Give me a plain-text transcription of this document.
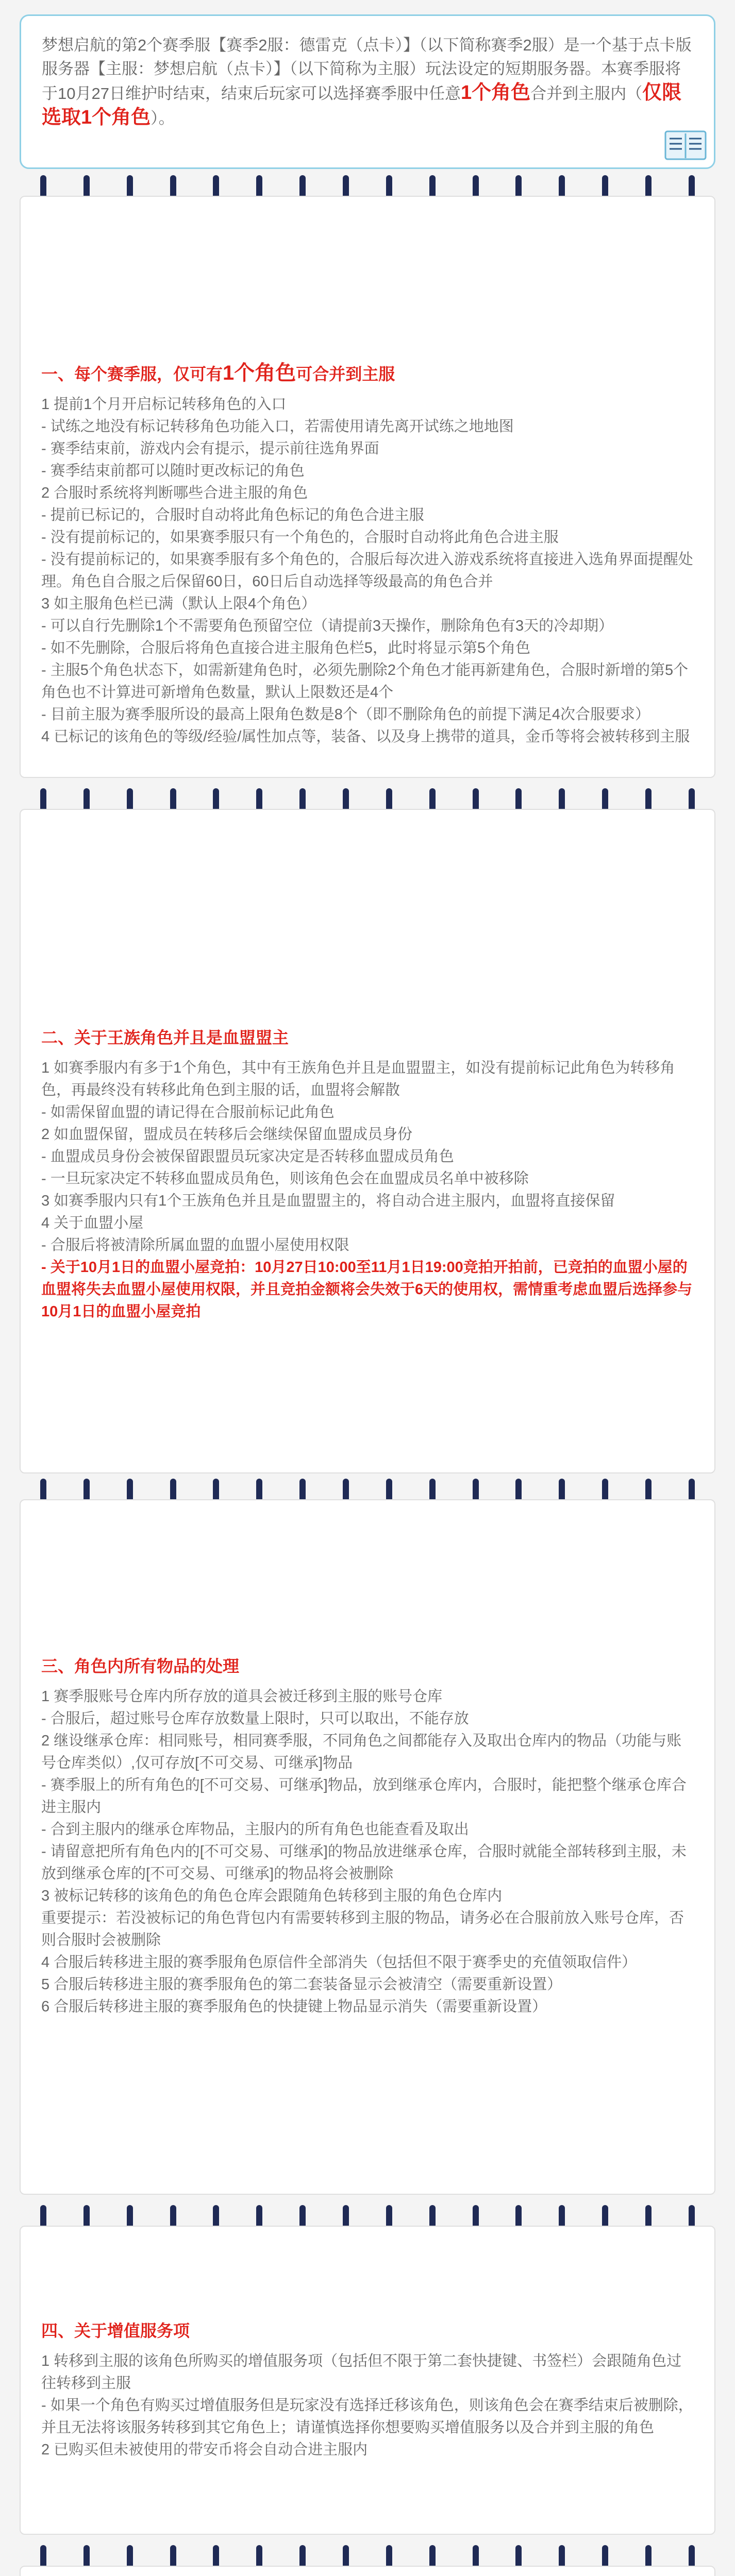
梦想启航的第2个赛季服【赛季2服：德雷克（点卡）】（以下简称赛季2服）是一个基于点卡版服务器【主服：梦想启航（点卡）】（以下简称为主服）玩法设定的短期服务器。本赛季服将于10月27日维护时结束，结束后玩家可以选择赛季服中任意1个角色合并到主服内（仅限选取1个角色）。

一、每个赛季服，仅可有1个角色可合并到主服

1 提前1个月开启标记转移角色的入口

- 试练之地没有标记转移角色功能入口，若需使用请先离开试练之地地图

- 赛季结束前，游戏内会有提示，提示前往选角界面

- 赛季结束前都可以随时更改标记的角色

2 合服时系统将判断哪些合进主服的角色

- 提前已标记的，合服时自动将此角色标记的角色合进主服

- 没有提前标记的，如果赛季服只有一个角色的，合服时自动将此角色合进主服

- 没有提前标记的，如果赛季服有多个角色的，合服后每次进入游戏系统将直接进入选角界面提醒处理。角色自合服之后保留60日，60日后自动选择等级最高的角色合并

3 如主服角色栏已满（默认上限4个角色）

- 可以自行先删除1个不需要角色预留空位（请提前3天操作，删除角色有3天的冷却期）

- 如不先删除，合服后将角色直接合进主服角色栏5，此时将显示第5个角色

- 主服5个角色状态下，如需新建角色时，必须先删除2个角色才能再新建角色，合服时新增的第5个角色也不计算进可新增角色数量，默认上限数还是4个

- 目前主服为赛季服所设的最高上限角色数是8个（即不删除角色的前提下满足4次合服要求）

4 已标记的该角色的等级/经验/属性加点等，装备、以及身上携带的道具，金币等将会被转移到主服

二、关于王族角色并且是血盟盟主

1 如赛季服内有多于1个角色，其中有王族角色并且是血盟盟主，如没有提前标记此角色为转移角色，再最终没有转移此角色到主服的话，血盟将会解散

- 如需保留血盟的请记得在合服前标记此角色

2 如血盟保留，盟成员在转移后会继续保留血盟成员身份

- 血盟成员身份会被保留跟盟员玩家决定是否转移血盟成员角色

- 一旦玩家决定不转移血盟成员角色，则该角色会在血盟成员名单中被移除

3 如赛季服内只有1个王族角色并且是血盟盟主的，将自动合进主服内，血盟将直接保留

4 关于血盟小屋

- 合服后将被清除所属血盟的血盟小屋使用权限

- 关于10月1日的血盟小屋竞拍：10月27日10:00至11月1日19:00竞拍开拍前，已竞拍的血盟小屋的血盟将失去血盟小屋使用权限，并且竞拍金额将会失效于6天的使用权，需情重考虑血盟后选择参与10月1日的血盟小屋竞拍

三、角色内所有物品的处理

1 赛季服账号仓库内所存放的道具会被迁移到主服的账号仓库

- 合服后，超过账号仓库存放数量上限时，只可以取出，不能存放

2 继设继承仓库：相同账号，相同赛季服，不同角色之间都能存入及取出仓库内的物品（功能与账号仓库类似）,仅可存放[不可交易、可继承]物品

- 赛季服上的所有角色的[不可交易、可继承]物品，放到继承仓库内，合服时，能把整个继承仓库合进主服内

- 合到主服内的继承仓库物品，主服内的所有角色也能查看及取出

- 请留意把所有角色内的[不可交易、可继承]的物品放进继承仓库，合服时就能全部转移到主服，未放到继承仓库的[不可交易、可继承]的物品将会被删除

3 被标记转移的该角色的角色仓库会跟随角色转移到主服的角色仓库内

重要提示：若没被标记的角色背包内有需要转移到主服的物品，请务必在合服前放入账号仓库，否则合服时会被删除

4 合服后转移进主服的赛季服角色原信件全部消失（包括但不限于赛季史的充值领取信件）

5 合服后转移进主服的赛季服角色的第二套装备显示会被清空（需要重新设置）

6 合服后转移进主服的赛季服角色的快捷键上物品显示消失（需要重新设置）

四、关于增值服务项

1 转移到主服的该角色所购买的增值服务项（包括但不限于第二套快捷键、书签栏）会跟随角色过往转移到主服

- 如果一个角色有购买过增值服务但是玩家没有选择迁移该角色，则该角色会在赛季结束后被删除，并且无法将该服务转移到其它角色上；请谨慎选择你想要购买增值服务以及合并到主服的角色

2 已购买但未被使用的带安币将会自动合进主服内
